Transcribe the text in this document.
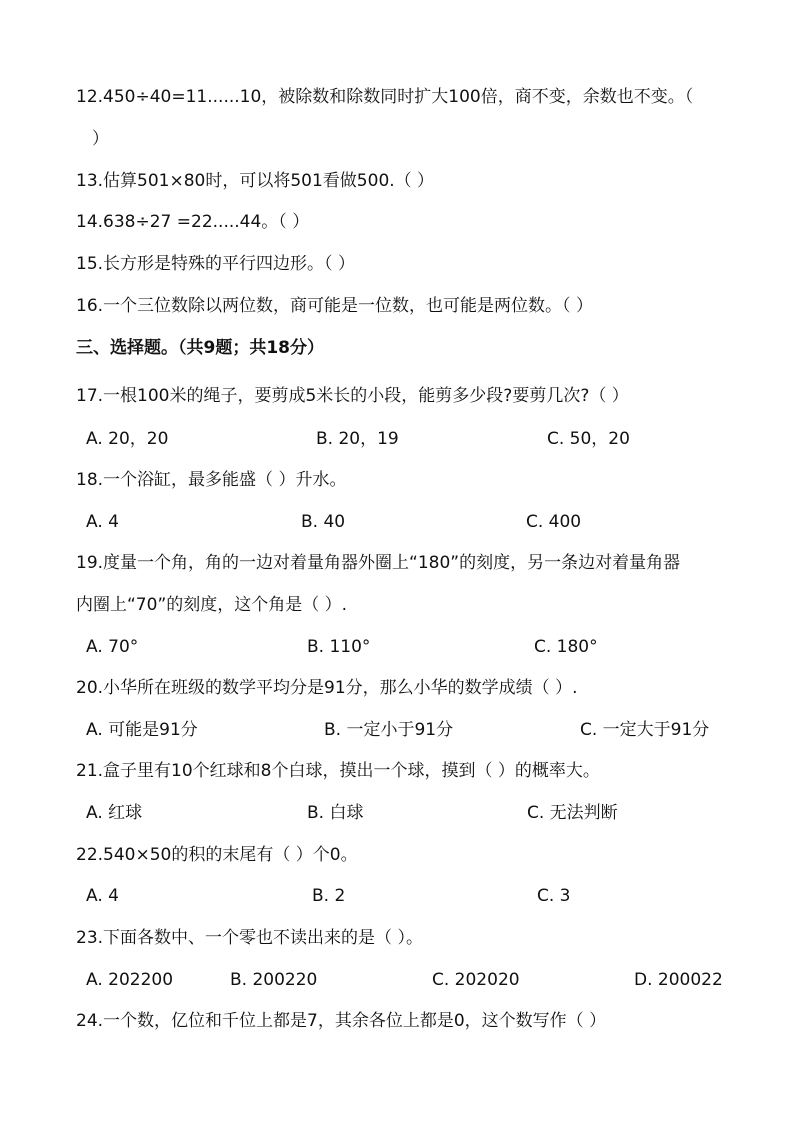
12.450÷40=11......10，被除数和除数同时扩大100倍，商不变，余数也不变。（
）
13.估算501×80时，可以将501看做500.（ ）
14.638÷27 =22.....44。（ ）
15.长方形是特殊的平行四边形。（ ）
16.一个三位数除以两位数，商可能是一位数，也可能是两位数。（ ）
三、选择题。（共9题；共18分）
17.一根100米的绳子，要剪成5米长的小段，能剪多少段?要剪几次?（ ）
A. 20，20	B. 20，19	C. 50，20
18.一个浴缸，最多能盛（ ）升水。
A. 4	B. 40	C. 400
19.度量一个角，角的一边对着量角器外圈上“180”的刻度，另一条边对着量角器
内圈上“70”的刻度，这个角是（ ）.
A. 70°	B. 110°	C. 180°
20.小华所在班级的数学平均分是91分，那么小华的数学成绩（ ）.
A. 可能是91分	B. 一定小于91分	C. 一定大于91分
21.盒子里有10个红球和8个白球，摸出一个球，摸到（ ）的概率大。
A. 红球	B. 白球	C. 无法判断
22.540×50的积的末尾有（ ）个0。
A. 4	B. 2	C. 3
23.下面各数中、一个零也不读出来的是（ ）。
A. 202200	B. 200220	C. 202020	D. 200022
24.一个数，亿位和千位上都是7，其余各位上都是0，这个数写作（ ）
